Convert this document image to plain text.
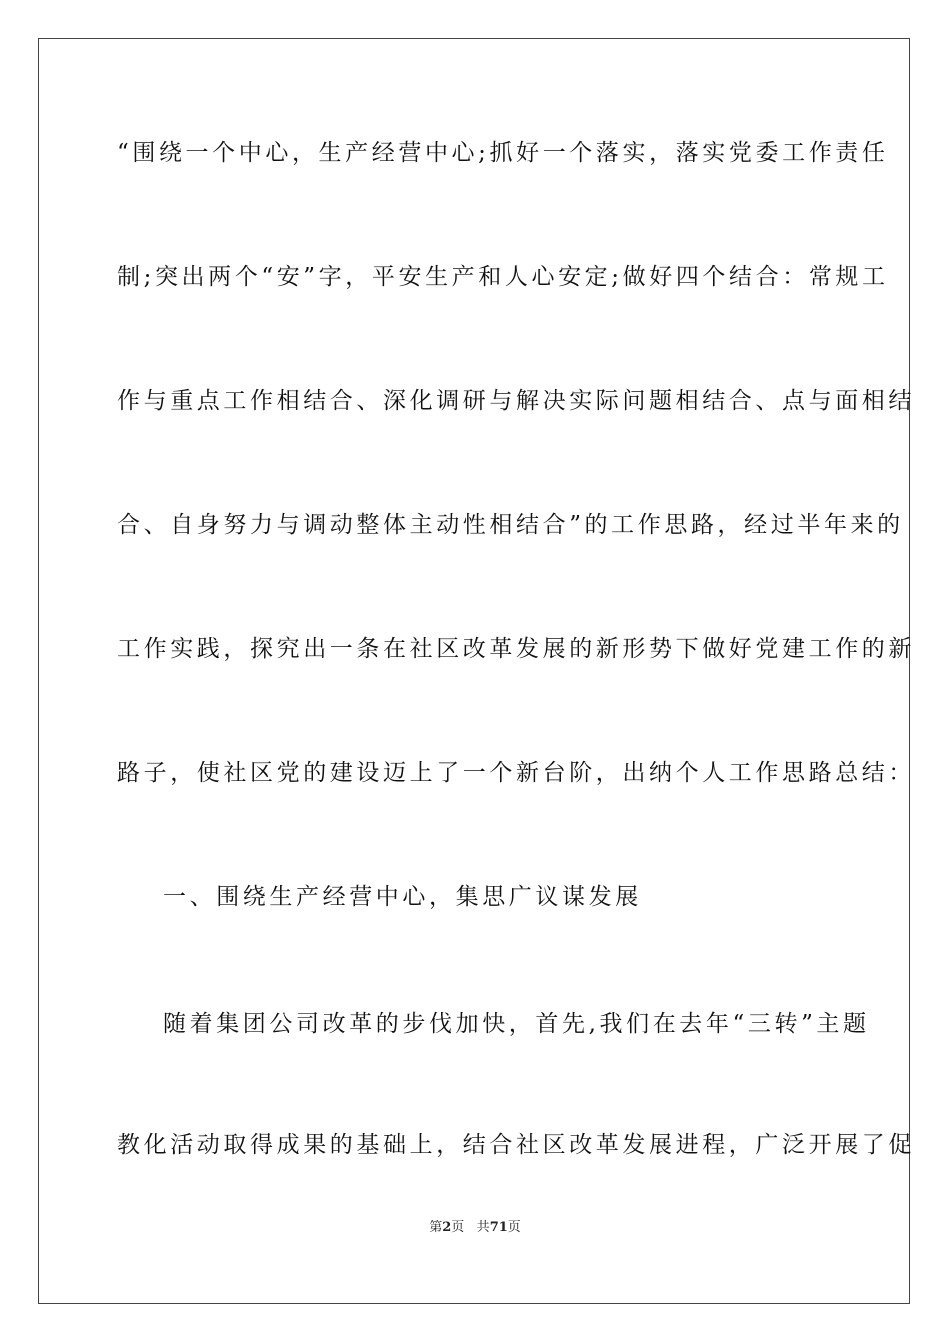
“围绕一个中心，生产经营中心;抓好一个落实，落实党委工作责任

制;突出两个“安”字，平安生产和人心安定;做好四个结合：常规工

作与重点工作相结合、深化调研与解决实际问题相结合、点与面相结

合、自身努力与调动整体主动性相结合”的工作思路，经过半年来的

工作实践，探究出一条在社区改革发展的新形势下做好党建工作的新

路子，使社区党的建设迈上了一个新台阶，出纳个人工作思路总结：

一、围绕生产经营中心，集思广议谋发展

随着集团公司改革的步伐加快，首先,我们在去年“三转”主题

教化活动取得成果的基础上，结合社区改革发展进程，广泛开展了促

第2页 共71页
